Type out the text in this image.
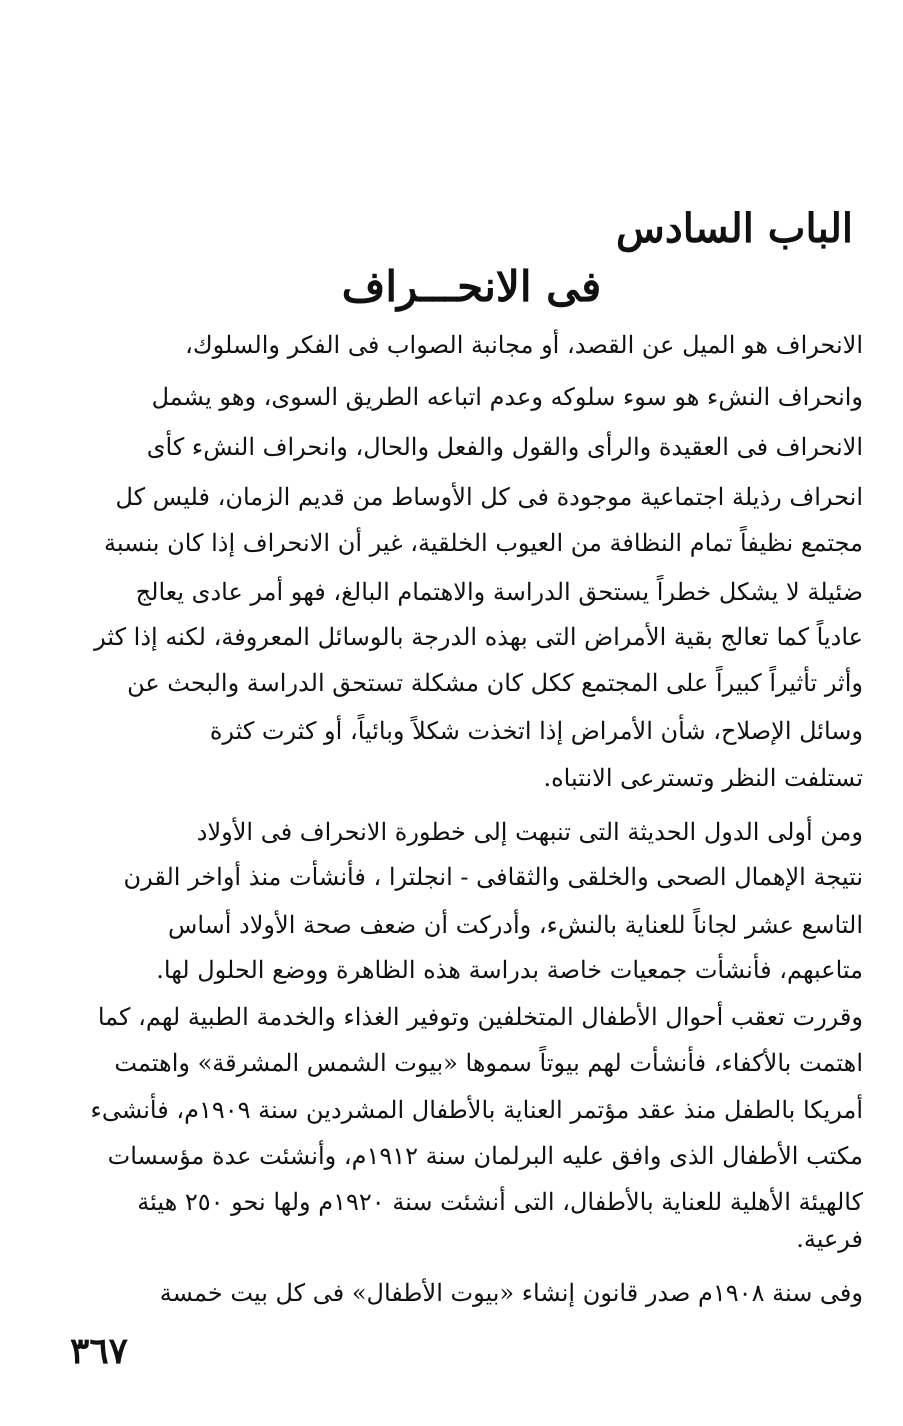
الباب السادس
فى الانحـــراف
الانحراف هو الميل عن القصد، أو مجانبة الصواب فى الفكر والسلوك،
وانحراف النشء هو سوء سلوكه وعدم اتباعه الطريق السوى، وهو يشمل
الانحراف فى العقيدة والرأى والقول والفعل والحال، وانحراف النشء كأى
انحراف رذيلة اجتماعية موجودة فى كل الأوساط من قديم الزمان، فليس كل
مجتمع نظيفاً تمام النظافة من العيوب الخلقية، غير أن الانحراف إذا كان بنسبة
ضئيلة لا يشكل خطراً يستحق الدراسة والاهتمام البالغ، فهو أمر عادى يعالج
عادياً كما تعالج بقية الأمراض التى بهذه الدرجة بالوسائل المعروفة، لكنه إذا كثر
وأثر تأثيراً كبيراً على المجتمع ككل كان مشكلة تستحق الدراسة والبحث عن
وسائل الإصلاح، شأن الأمراض إذا اتخذت شكلاً وبائياً، أو كثرت كثرة
تستلفت النظر وتسترعى الانتباه.
ومن أولى الدول الحديثة التى تنبهت إلى خطورة الانحراف فى الأولاد
نتيجة الإهمال الصحى والخلقى والثقافى - انجلترا ، فأنشأت منذ أواخر القرن
التاسع عشر لجاناً للعناية بالنشء، وأدركت أن ضعف صحة الأولاد أساس
متاعبهم، فأنشأت جمعيات خاصة بدراسة هذه الظاهرة ووضع الحلول لها.
وقررت تعقب أحوال الأطفال المتخلفين وتوفير الغذاء والخدمة الطبية لهم، كما
اهتمت بالأكفاء، فأنشأت لهم بيوتاً سموها «بيوت الشمس المشرقة» واهتمت
أمريكا بالطفل منذ عقد مؤتمر العناية بالأطفال المشردين سنة ١٩٠٩م، فأنشىء
مكتب الأطفال الذى وافق عليه البرلمان سنة ١٩١٢م، وأنشئت عدة مؤسسات
كالهيئة الأهلية للعناية بالأطفال، التى أنشئت سنة ١٩٢٠م ولها نحو ٢٥٠ هيئة
فرعية.
وفى سنة ١٩٠٨م صدر قانون إنشاء «بيوت الأطفال» فى كل بيت خمسة
٣٦٧
